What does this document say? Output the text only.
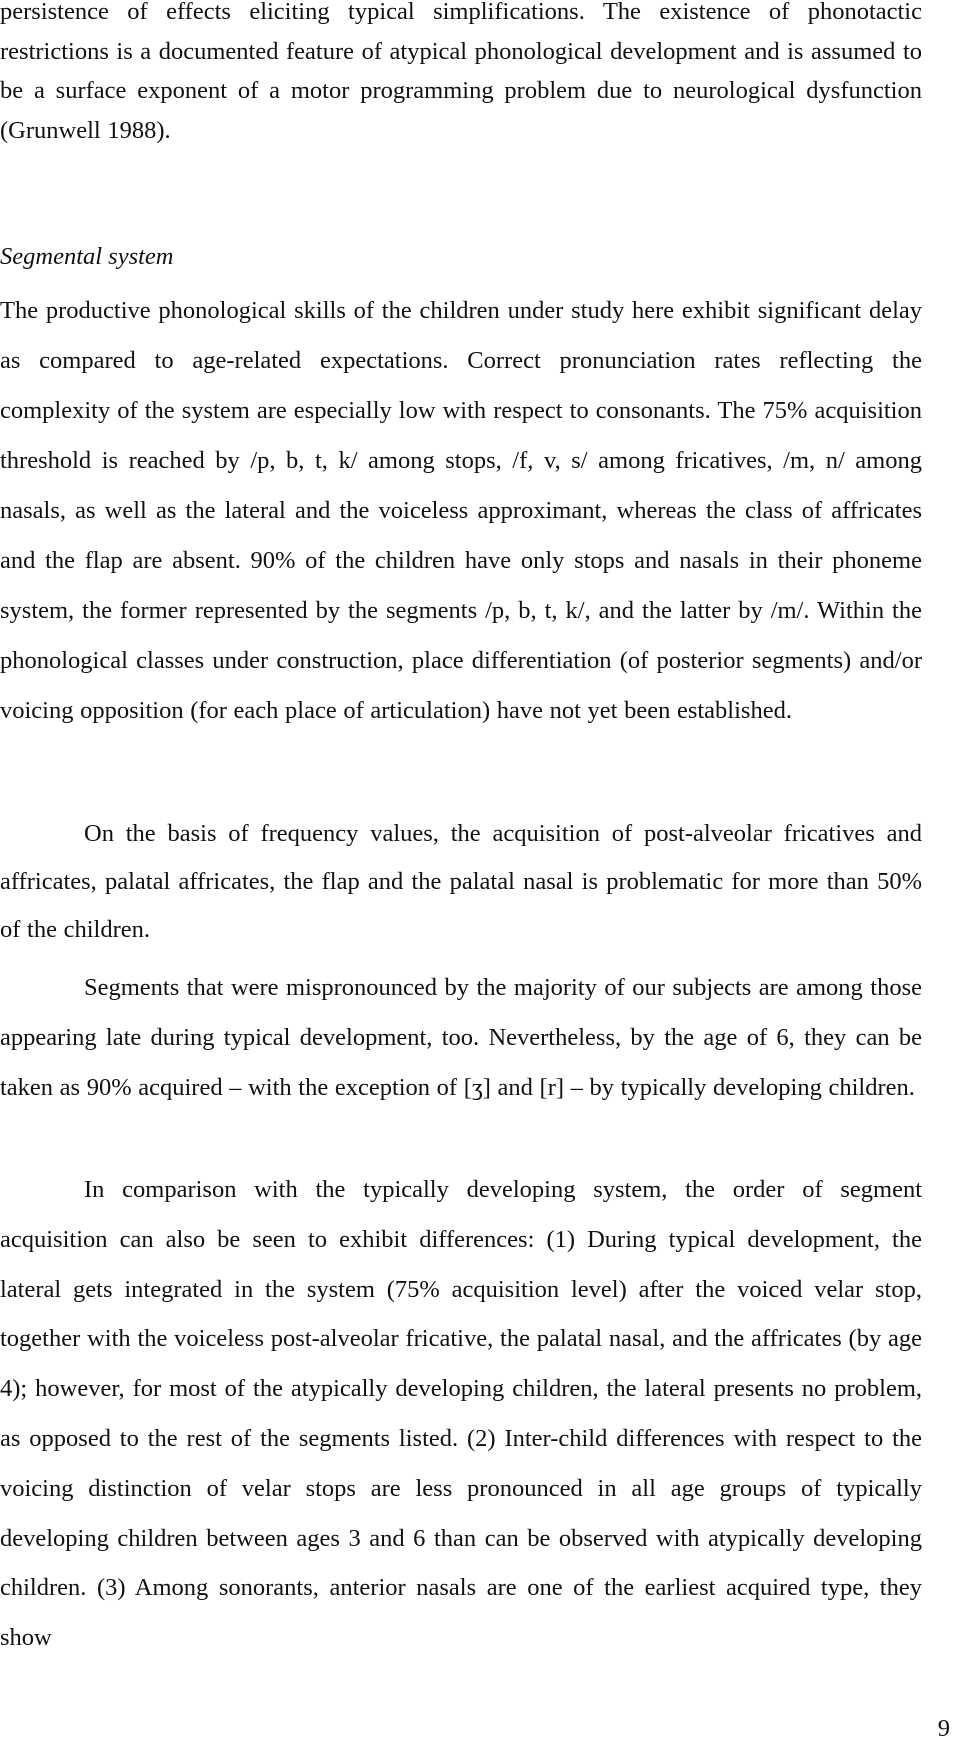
persistence of effects eliciting typical simplifications. The existence of phonotactic restrictions is a documented feature of atypical phonological development and is assumed to be a surface exponent of a motor programming problem due to neurological dysfunction (Grunwell 1988).

Segmental system

The productive phonological skills of the children under study here exhibit significant delay as compared to age-related expectations. Correct pronunciation rates reflecting the complexity of the system are especially low with respect to consonants. The 75% acquisition threshold is reached by /p, b, t, k/ among stops, /f, v, s/ among fricatives, /m, n/ among nasals, as well as the lateral and the voiceless approximant, whereas the class of affricates and the flap are absent. 90% of the children have only stops and nasals in their phoneme system, the former represented by the segments /p, b, t, k/, and the latter by /m/. Within the phonological classes under construction, place differentiation (of posterior segments) and/or voicing opposition (for each place of articulation) have not yet been established.

On the basis of frequency values, the acquisition of post-alveolar fricatives and affricates, palatal affricates, the flap and the palatal nasal is problematic for more than 50% of the children.

Segments that were mispronounced by the majority of our subjects are among those appearing late during typical development, too. Nevertheless, by the age of 6, they can be taken as 90% acquired – with the exception of [ʒ] and [r] – by typically developing children.

In comparison with the typically developing system, the order of segment acquisition can also be seen to exhibit differences: (1) During typical development, the lateral gets integrated in the system (75% acquisition level) after the voiced velar stop, together with the voiceless post-alveolar fricative, the palatal nasal, and the affricates (by age 4); however, for most of the atypically developing children, the lateral presents no problem, as opposed to the rest of the segments listed. (2) Inter-child differences with respect to the voicing distinction of velar stops are less pronounced in all age groups of typically developing children between ages 3 and 6 than can be observed with atypically developing children. (3) Among sonorants, anterior nasals are one of the earliest acquired type, they show

9
